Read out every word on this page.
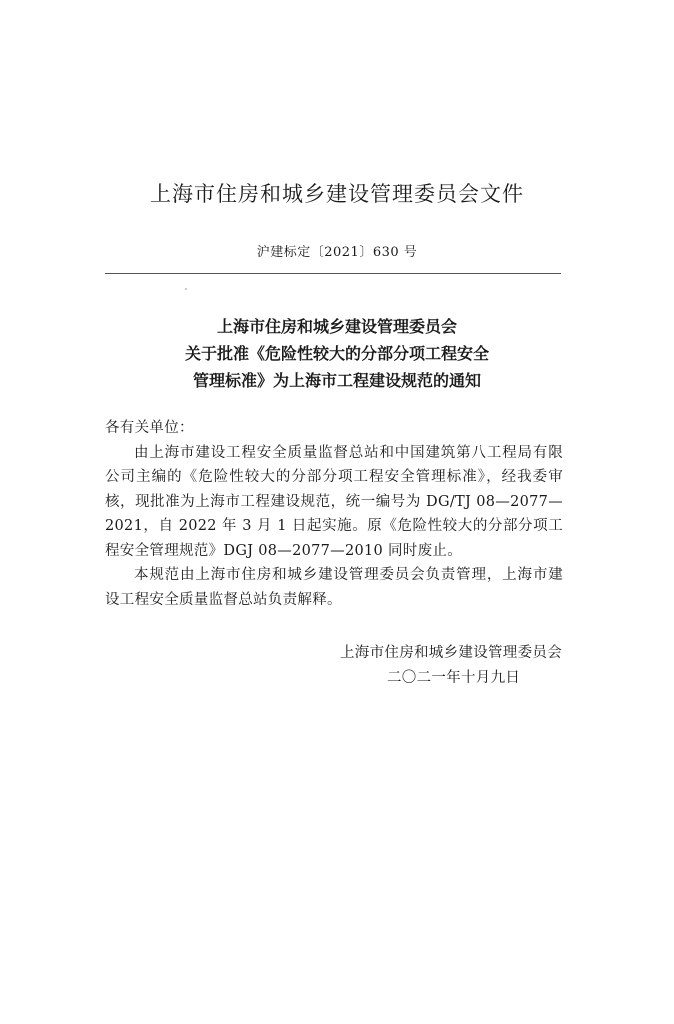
上海市住房和城乡建设管理委员会文件
沪建标定〔2021〕630 号
上海市住房和城乡建设管理委员会
关于批准《危险性较大的分部分项工程安全
管理标准》为上海市工程建设规范的通知

各有关单位：

由上海市建设工程安全质量监督总站和中国建筑第八工程局有限公司主编的《危险性较大的分部分项工程安全管理标准》，经我委审核，现批准为上海市工程建设规范，统一编号为 DG/TJ 08—2077—2021，自 2022 年 3 月 1 日起实施。原《危险性较大的分部分项工程安全管理规范》DGJ 08—2077—2010 同时废止。

本规范由上海市住房和城乡建设管理委员会负责管理，上海市建设工程安全质量监督总站负责解释。

上海市住房和城乡建设管理委员会
二〇二一年十月九日
